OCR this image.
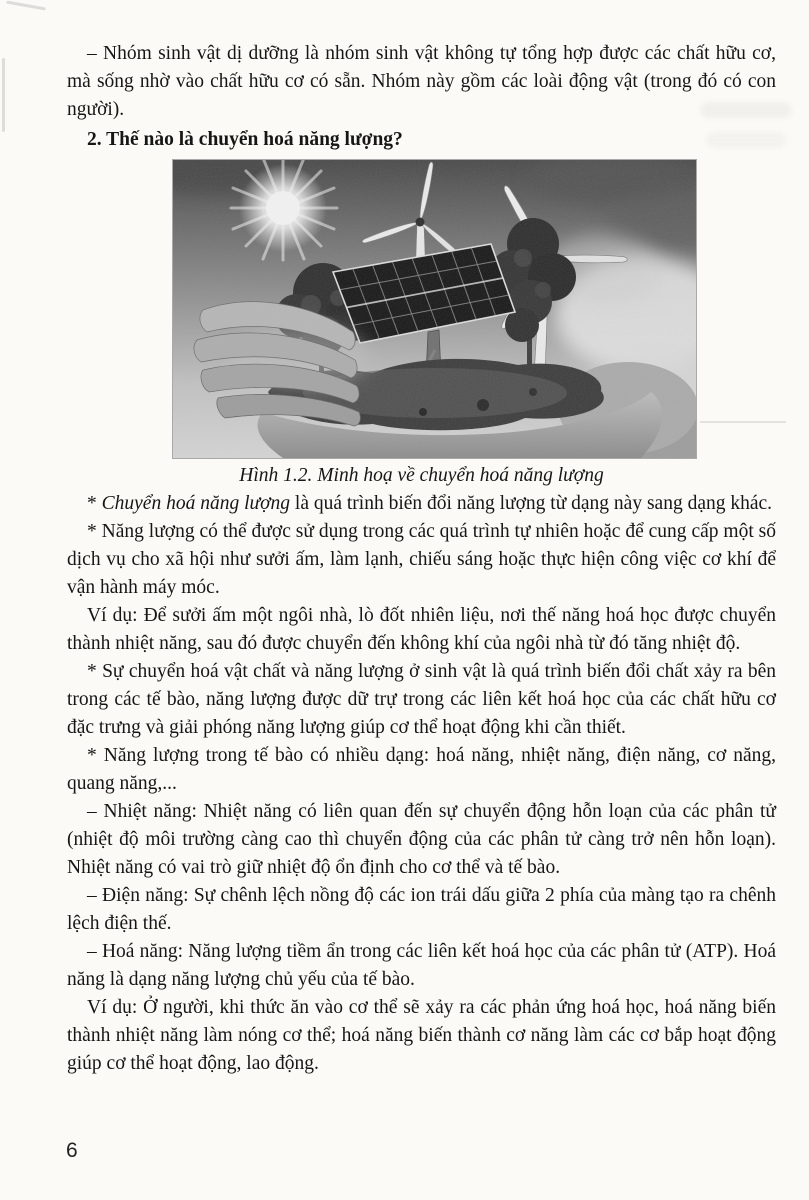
– Nhóm sinh vật dị dưỡng là nhóm sinh vật không tự tổng hợp được các chất hữu cơ, mà sống nhờ vào chất hữu cơ có sẵn. Nhóm này gồm các loài động vật (trong đó có con người).

2. Thế nào là chuyển hoá năng lượng?

Hình 1.2. Minh hoạ về chuyển hoá năng lượng

* Chuyển hoá năng lượng là quá trình biến đổi năng lượng từ dạng này sang dạng khác.

* Năng lượng có thể được sử dụng trong các quá trình tự nhiên hoặc để cung cấp một số dịch vụ cho xã hội như sưởi ấm, làm lạnh, chiếu sáng hoặc thực hiện công việc cơ khí để vận hành máy móc.

Ví dụ: Để sưởi ấm một ngôi nhà, lò đốt nhiên liệu, nơi thế năng hoá học được chuyển thành nhiệt năng, sau đó được chuyển đến không khí của ngôi nhà từ đó tăng nhiệt độ.

* Sự chuyển hoá vật chất và năng lượng ở sinh vật là quá trình biến đổi chất xảy ra bên trong các tế bào, năng lượng được dữ trự trong các liên kết hoá học của các chất hữu cơ đặc trưng và giải phóng năng lượng giúp cơ thể hoạt động khi cần thiết.

* Năng lượng trong tế bào có nhiều dạng: hoá năng, nhiệt năng, điện năng, cơ năng, quang năng,...

– Nhiệt năng: Nhiệt năng có liên quan đến sự chuyển động hỗn loạn của các phân tử (nhiệt độ môi trường càng cao thì chuyển động của các phân tử càng trở nên hỗn loạn). Nhiệt năng có vai trò giữ nhiệt độ ổn định cho cơ thể và tế bào.

– Điện năng: Sự chênh lệch nồng độ các ion trái dấu giữa 2 phía của màng tạo ra chênh lệch điện thế.

– Hoá năng: Năng lượng tiềm ẩn trong các liên kết hoá học của các phân tử (ATP). Hoá năng là dạng năng lượng chủ yếu của tế bào.

Ví dụ: Ở người, khi thức ăn vào cơ thể sẽ xảy ra các phản ứng hoá học, hoá năng biến thành nhiệt năng làm nóng cơ thể; hoá năng biến thành cơ năng làm các cơ bắp hoạt động giúp cơ thể hoạt động, lao động.

6
